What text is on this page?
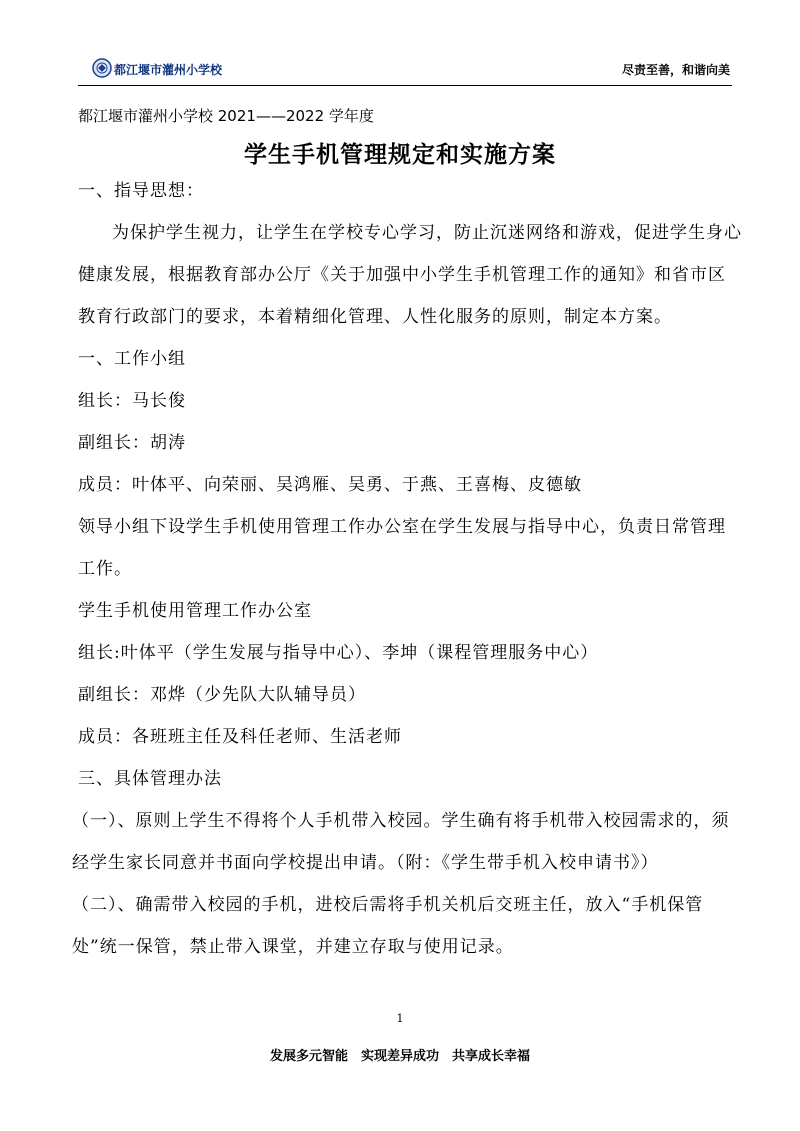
都江堰市灌州小学校	尽责至善，和谐向美
都江堰市灌州小学校 2021——2022 学年度
学生手机管理规定和实施方案

一、指导思想：

为保护学生视力，让学生在学校专心学习，防止沉迷网络和游戏，促进学生身心健康发展，根据教育部办公厅《关于加强中小学生手机管理工作的通知》和省市区教育行政部门的要求，本着精细化管理、人性化服务的原则，制定本方案。

一、工作小组

组长：马长俊

副组长：胡涛

成员：叶体平、向荣丽、吴鸿雁、吴勇、于燕、王喜梅、皮德敏

领导小组下设学生手机使用管理工作办公室在学生发展与指导中心，负责日常管理工作。

学生手机使用管理工作办公室

组长:叶体平（学生发展与指导中心）、李坤（课程管理服务中心）

副组长：邓烨（少先队大队辅导员）

成员：各班班主任及科任老师、生活老师

三、具体管理办法

（一）、原则上学生不得将个人手机带入校园。学生确有将手机带入校园需求的，须经学生家长同意并书面向学校提出申请。（附：《学生带手机入校申请书》）

（二）、确需带入校园的手机，进校后需将手机关机后交班主任，放入“手机保管处”统一保管，禁止带入课堂，并建立存取与使用记录。

1
发展多元智能　实现差异成功　共享成长幸福
